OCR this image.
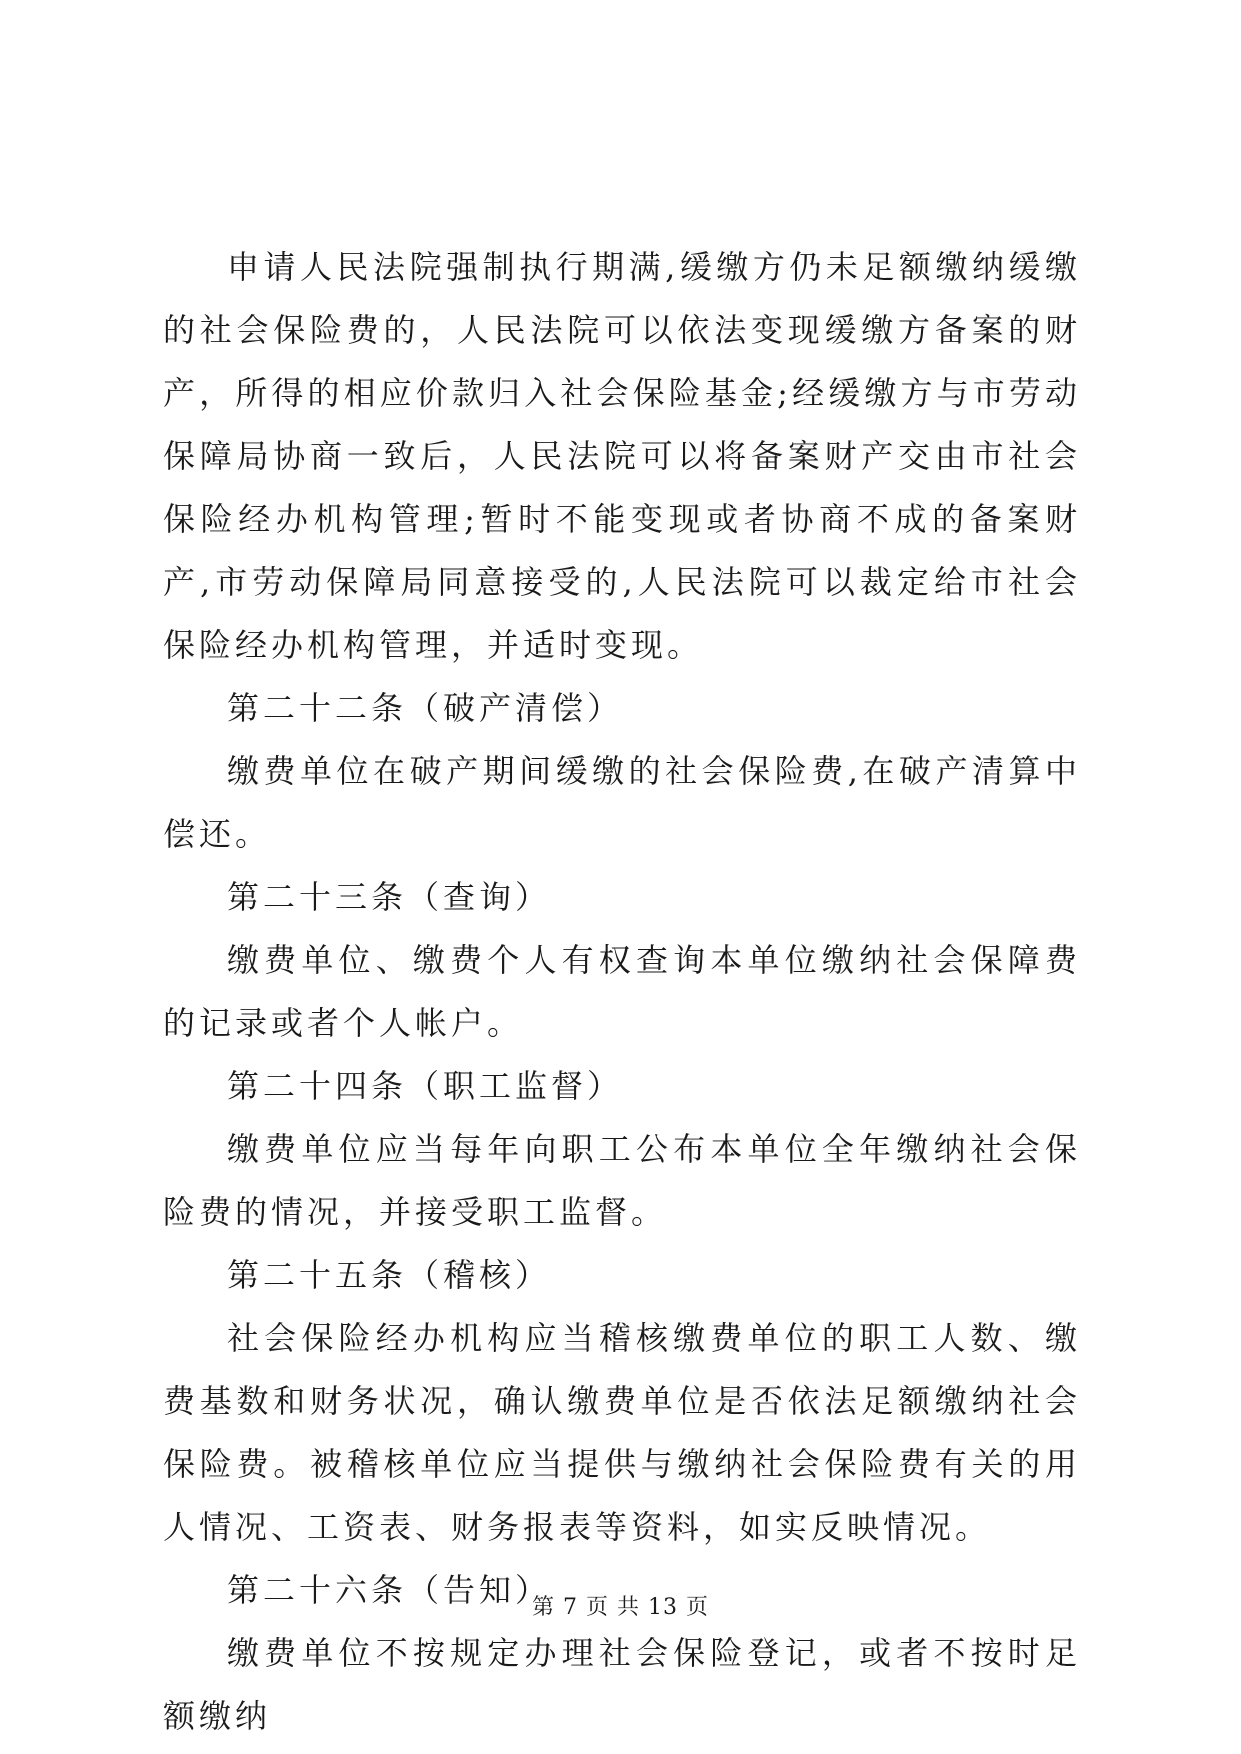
申请人民法院强制执行期满,缓缴方仍未足额缴纳缓缴的社会保险费的，人民法院可以依法变现缓缴方备案的财产，所得的相应价款归入社会保险基金;经缓缴方与市劳动保障局协商一致后，人民法院可以将备案财产交由市社会保险经办机构管理;暂时不能变现或者协商不成的备案财产,市劳动保障局同意接受的,人民法院可以裁定给市社会保险经办机构管理，并适时变现。

第二十二条（破产清偿）

缴费单位在破产期间缓缴的社会保险费,在破产清算中偿还。

第二十三条（查询）

缴费单位、缴费个人有权查询本单位缴纳社会保障费的记录或者个人帐户。

第二十四条（职工监督）

缴费单位应当每年向职工公布本单位全年缴纳社会保险费的情况，并接受职工监督。

第二十五条（稽核）

社会保险经办机构应当稽核缴费单位的职工人数、缴费基数和财务状况，确认缴费单位是否依法足额缴纳社会保险费。被稽核单位应当提供与缴纳社会保险费有关的用人情况、工资表、财务报表等资料，如实反映情况。

第二十六条（告知）

缴费单位不按规定办理社会保险登记，或者不按时足额缴纳

第 7 页 共 13 页
